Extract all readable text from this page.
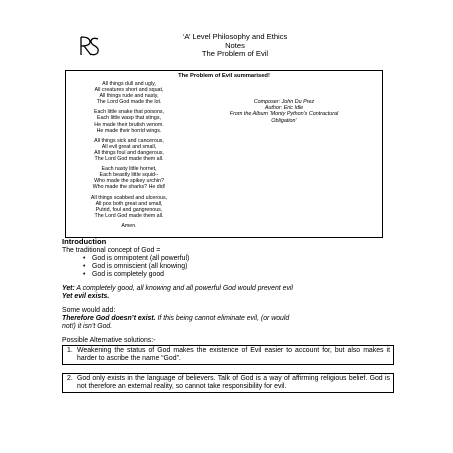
‘A’ Level Philosophy and Ethics
Notes
The Problem of Evil
The Problem of Evil summarised!
All things dull and ugly,
All creatures short and squat,
All things rude and nasty,
The Lord God made the lot.
Each little snake that poisons,
Each little wasp that stings,
He made their brutish venom.
He made their horrid wings.
All things sick and cancerous,
All evil great and small,
All things foul and dangerous,
The Lord God made them all.
Each nasty little hornet,
Each beastly little squid--
Who made the spikey urchin?
Who made the sharks? He did!
All things scabbed and ulcerous,
All pox both great and small,
Putrid, foul and gangrenous,
The Lord God made them all.
Amen.
Composer: John Du Prez
Author: Eric Idle
From the Album ‘Monty Python's Contractural
Obligation’
Introduction
The traditional concept of God =
• God is omnipotent (all powerful)
• God is omniscient (all knowing)
• God is completely good
Yet: A completely good, all knowing and all powerful God would prevent evil
Yet evil exists.
Some would add:
Therefore God doesn’t exist. If this being cannot eliminate evil, (or would
not!) it isn’t God.
Possible Alternative solutions:-
1. Weakening the status of God makes the existence of Evil easier to account for, but also makes it harder to ascribe the name “God”.
2. God only exists in the language of believers. Talk of God is a way of affirming religious belief. God is not therefore an external reality, so cannot take responsibility for evil.
